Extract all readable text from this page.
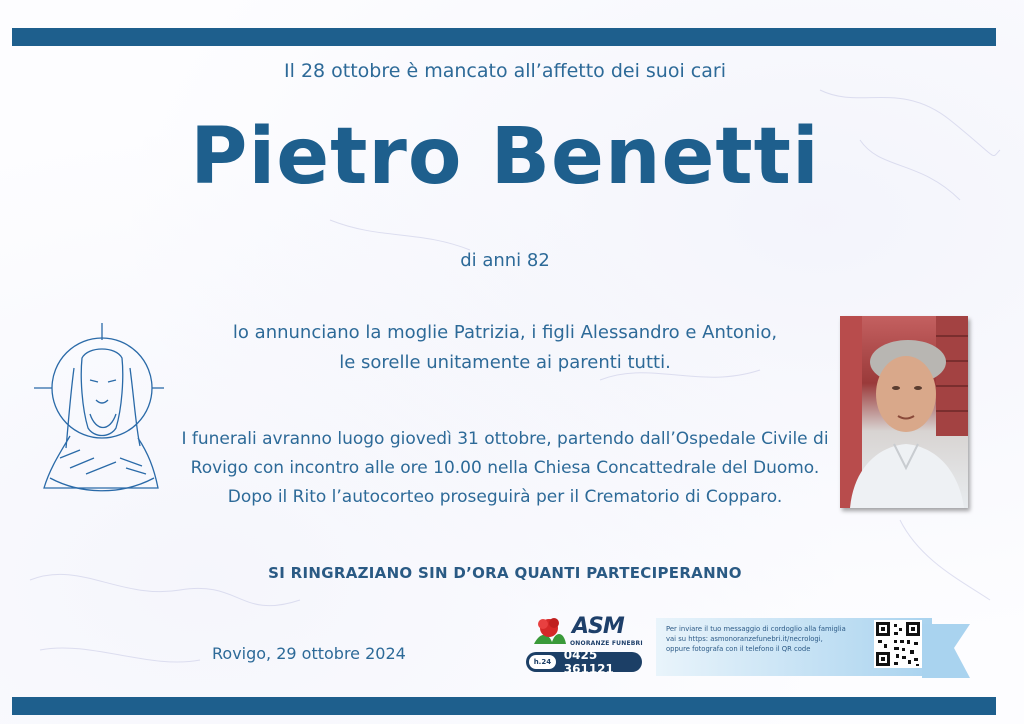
Il 28 ottobre è mancato all’affetto dei suoi cari
Pietro Benetti
di anni 82
lo annunciano la moglie Patrizia, i figli Alessandro e Antonio,
le sorelle unitamente ai parenti tutti.
I funerali avranno luogo giovedì 31 ottobre, partendo dall’Ospedale Civile di
Rovigo con incontro alle ore 10.00 nella Chiesa Concattedrale del Duomo.
Dopo il Rito l’autocorteo proseguirà per il Crematorio di Copparo.
SI RINGRAZIANO SIN D’ORA QUANTI PARTECIPERANNO
Rovigo, 29 ottobre 2024
ASM
ONORANZE FUNEBRI
h.24 0425 361121
Per inviare il tuo messaggio di cordoglio alla famiglia
vai su https: asmonoranzefunebri.it/necrologi,
oppure fotografa con il telefono il QR code
